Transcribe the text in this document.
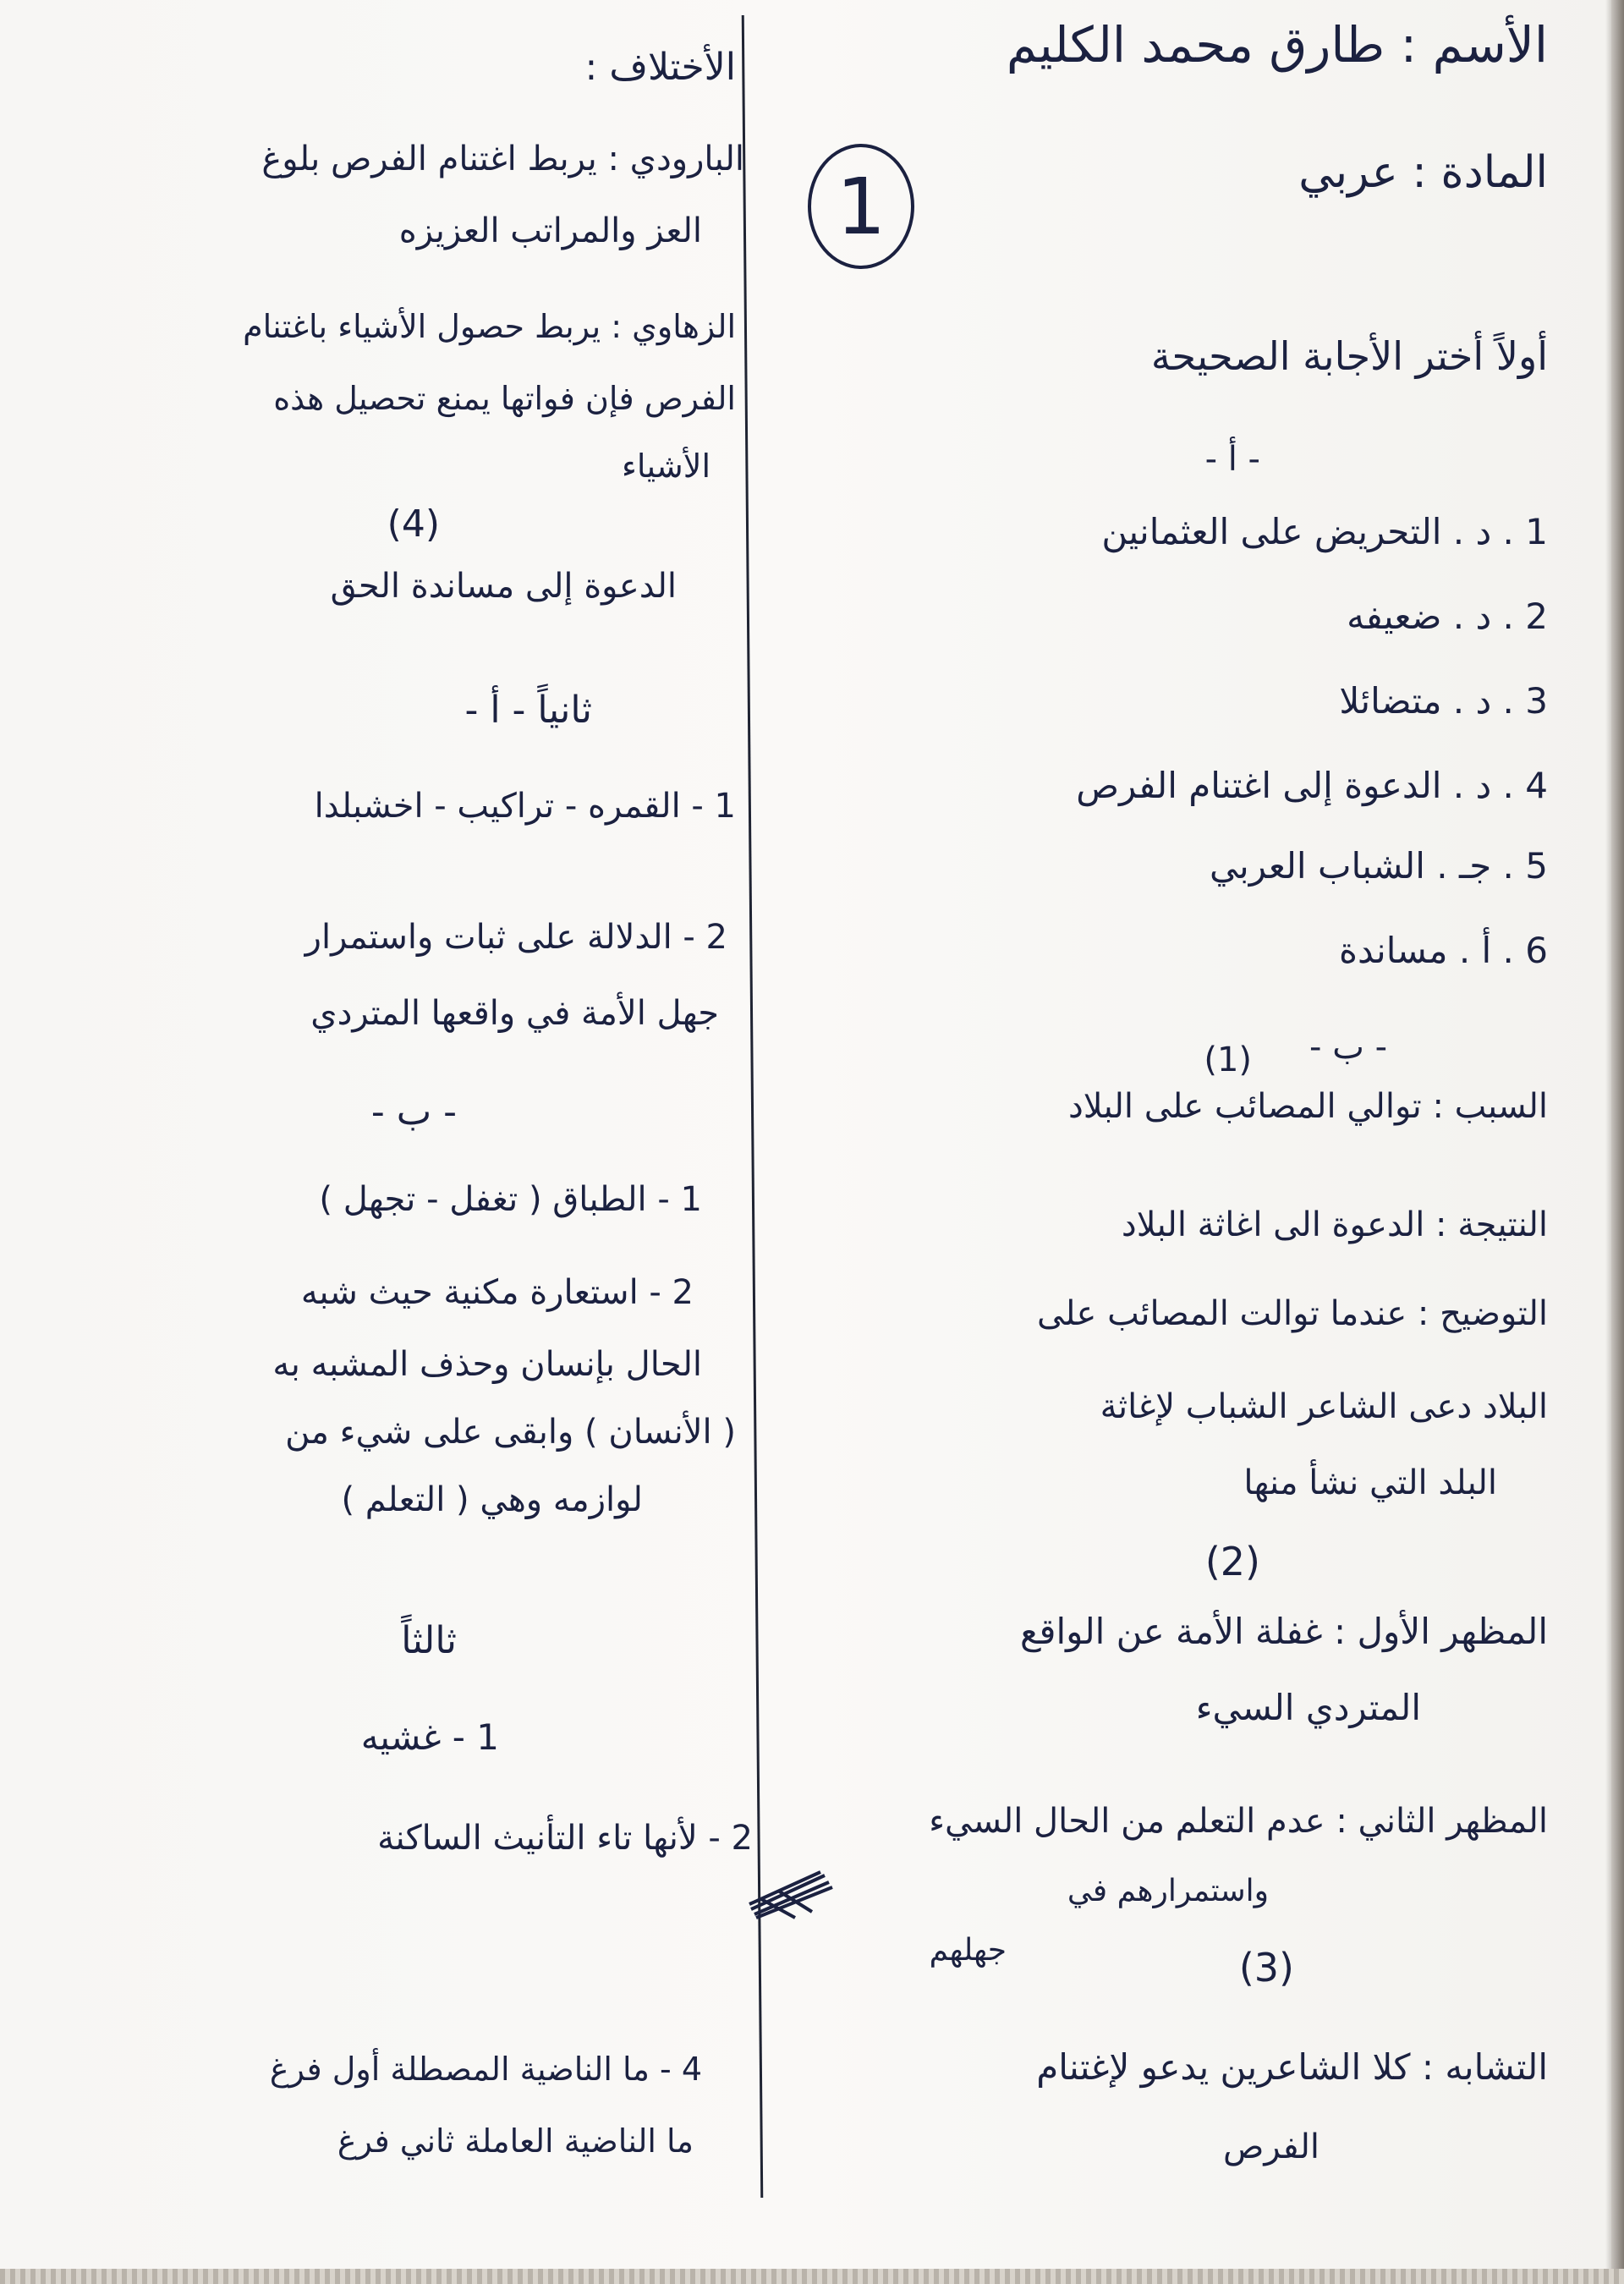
1
الأسم : طارق محمد الكليم
المادة : عربي
أولاً أختر الأجابة الصحيحة
- أ -
1 . د . التحريض على العثمانين
2 . د . ضعيفه
3 . د . متضائلا
4 . د . الدعوة إلى اغتنام الفرص
5 . جـ . الشباب العربي
6 . أ . مساندة
- ب -
(1)
السبب : توالي المصائب على البلاد
النتيجة : الدعوة الى اغاثة البلاد
التوضيح : عندما توالت المصائب على
البلاد دعى الشاعر الشباب لإغاثة
البلد التي نشأ منها
(2)
المظهر الأول : غفلة الأمة عن الواقع
المتردي السيء
المظهر الثاني : عدم التعلم من الحال السيء
واستمرارهم في
جهلهم	(3)
التشابه : كلا الشاعرين يدعو لإغتنام
الفرص
الأختلاف :
البارودي : يربط اغتنام الفرص بلوغ
العز والمراتب العزيزه
الزهاوي : يربط حصول الأشياء باغتنام
الفرص فإن فواتها يمنع تحصيل هذه
الأشياء
(4)
الدعوة إلى مساندة الحق
ثانياً - أ -
1 - القمره - تراكيب - اخشبلدا
2 - الدلالة على ثبات واستمرار
جهل الأمة في واقعها المتردي
- ب -
1 - الطباق ( تغفل - تجهل )
2 - استعارة مكنية حيث شبه
الحال بإنسان وحذف المشبه به
( الأنسان ) وابقى على شيء من
لوازمه وهي ( التعلم )
ثالثاً
1 - غشيه
2 - لأنها تاء التأنيث الساكنة
4 - ما الناضية المصطلة أول فرغ
ما الناضية العاملة ثاني فرغ
